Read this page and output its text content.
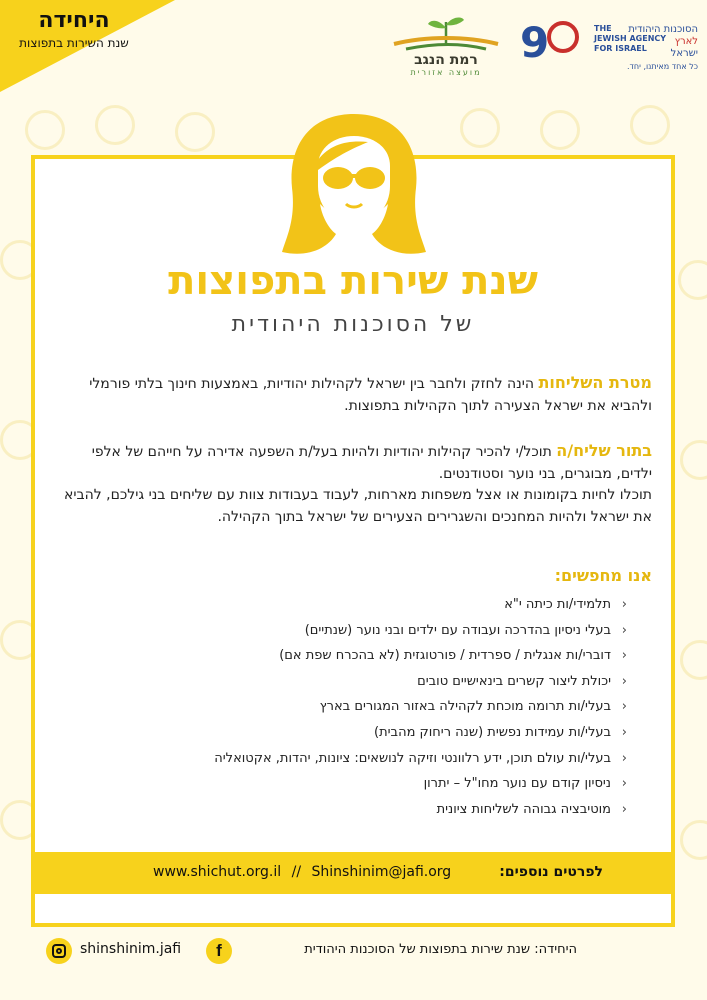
היחידה
שנת השירות בתפוצות
רמת הנגב
מועצה אזורית
9	THE
JEWISH AGENCY
FOR ISRAEL
הסוכנות היהודית
לארץ
ישראל
כל אחד מאיתנו, יחד.
שנת שירות בתפוצות
של הסוכנות היהודית
מטרת השליחות הינה לחזק ולחבר בין ישראל לקהילות יהודיות, באמצעות חינוך בלתי פורמלי ולהביא את ישראל הצעירה לתוך הקהילות בתפוצות.
בתור שליח/ה תוכל/י להכיר קהילות יהודיות ולהיות בעל/ת השפעה אדירה על חייהם של אלפי ילדים, מבוגרים, בני נוער וסטודנטים.
תוכלו לחיות בקומונות או אצל משפחות מארחות, לעבוד בעבודות צוות עם שליחים בני גילכם, להביא את ישראל ולהיות המחנכים והשגרירים הצעירים של ישראל בתוך הקהילה.
אנו מחפשים:
‹ תלמידי/ות כיתה י"א
‹ בעלי ניסיון בהדרכה ועבודה עם ילדים ובני נוער (שנתיים)
‹ דוברי/ות אנגלית / ספרדית / פורטוגזית (לא בהכרח שפת אם)
‹ יכולת ליצור קשרים בינאישיים טובים
‹ בעלי/ות תרומה מוכחת לקהילה באזור המגורים בארץ
‹ בעלי/ות עמידות נפשית (שנה ריחוק מהבית)
‹ בעלי/ות עולם תוכן, ידע רלוונטי וזיקה לנושאים: ציונות, יהדות, אקטואליה
‹ ניסיון קודם עם נוער מחו"ל – יתרון
‹ מוטיבציה גבוהה לשליחות ציונית
www.shichut.org.il // Shinshinim@jafi.org	לפרטים נוספים:
shinshinim.jafi	f	היחידה: שנת שירות בתפוצות של הסוכנות היהודית
